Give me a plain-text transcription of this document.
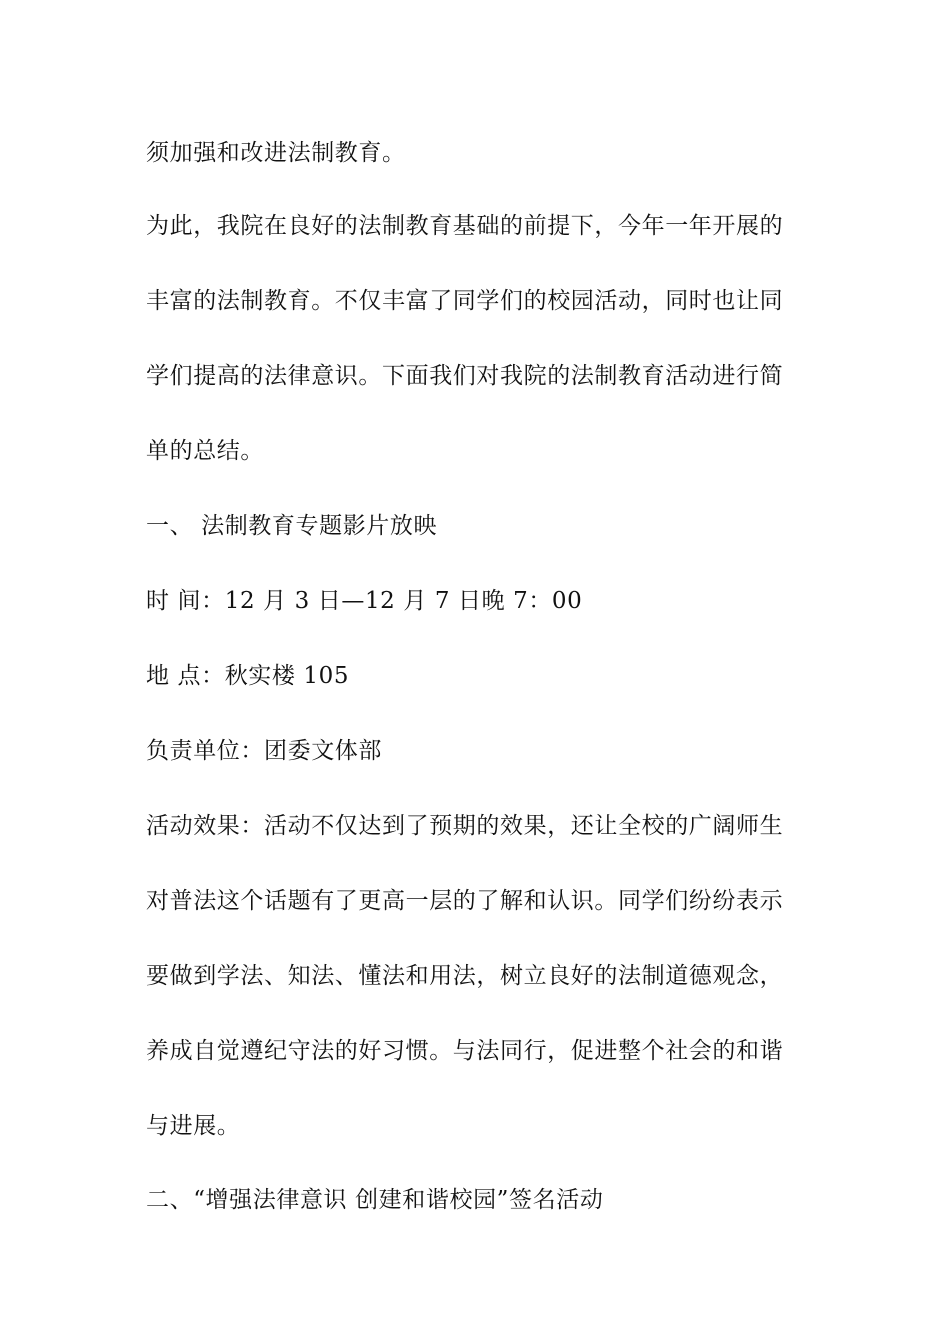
须加强和改进法制教育。
为此，我院在良好的法制教育基础的前提下，今年一年开展的
丰富的法制教育。不仅丰富了同学们的校园活动，同时也让同
学们提高的法律意识。下面我们对我院的法制教育活动进行简
单的总结。
一、 法制教育专题影片放映
时 间：12 月 3 日—12 月 7 日晚 7：00
地 点：秋实楼 105
负责单位：团委文体部
活动效果：活动不仅达到了预期的效果，还让全校的广阔师生
对普法这个话题有了更高一层的了解和认识。同学们纷纷表示
要做到学法、知法、懂法和用法，树立良好的法制道德观念，
养成自觉遵纪守法的好习惯。与法同行，促进整个社会的和谐
与进展。
二、“增强法律意识 创建和谐校园”签名活动
